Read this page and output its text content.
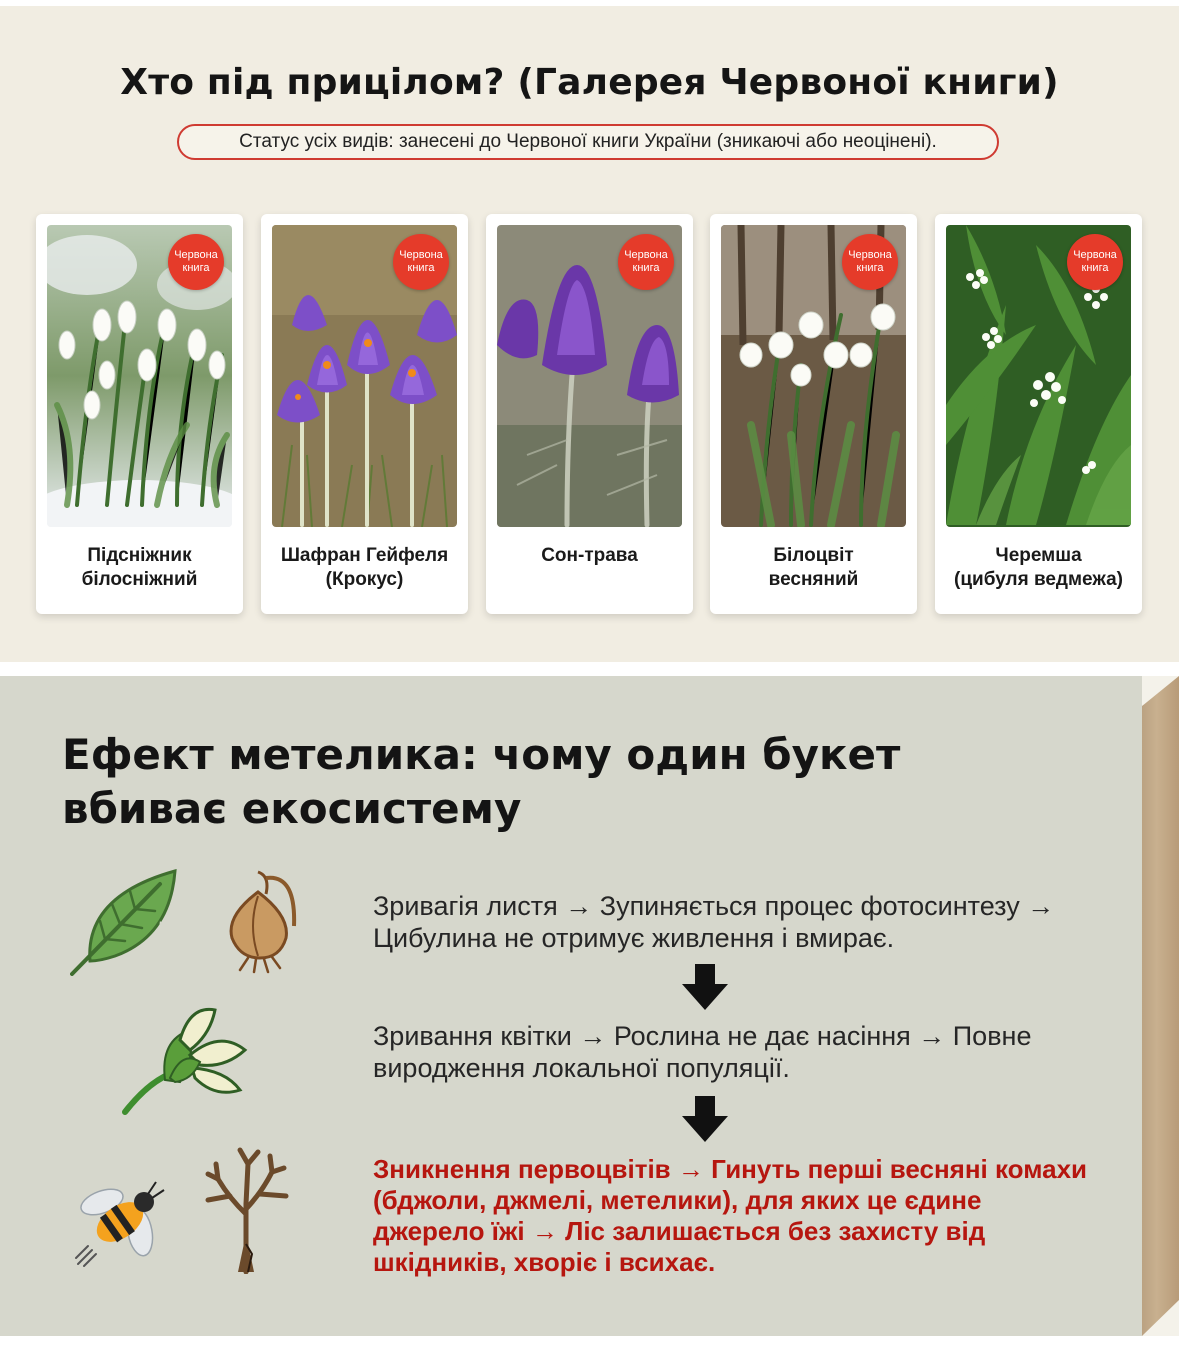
Хто під прицілом? (Галерея Червоної книги)
Статус усіх видів: занесені до Червоної книги України (зникаючі або неоцінені).
Червона
книга
Підсніжник
білосніжний
Червона
книга
Шафран Гейфеля
(Крокус)
Червона
книга
Сон-трава
Червона
книга
Білоцвіт
весняний
Червона
книга
Черемша
(цибуля ведмежа)
Ефект метелика: чому один букет вбиває екосистему
Зривагія листя → Зупиняється процес фотосинтезу → Цибулина не отримує живлення і вмирає.
Зривання квітки → Рослина не дає насіння → Повне виродження локальної популяції.
Зникнення первоцвітів → Гинуть перші весняні комахи (бджоли, джмелі, метелики), для яких це єдине джерело їжі → Ліс залишається без захисту від шкідників, хворіє і всихає.
